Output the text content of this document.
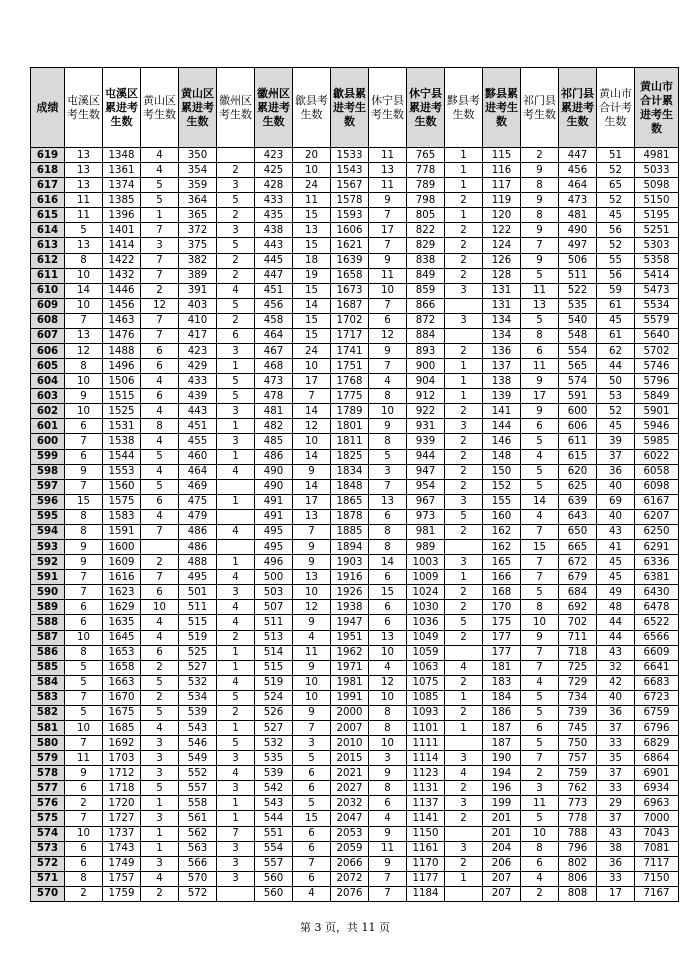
成绩	屯溪区考生数	屯溪区累进考生数	黄山区考生数	黄山区累进考生数	徽州区考生数	徽州区累进考生数	歙县考生数	歙县累进考生数	休宁县考生数	休宁县累进考生数	黟县考生数	黟县累进考生数	祁门县考生数	祁门县累进考生数	黄山市合计考生数	黄山市合计累进考生数
619	13	1348	4	350		423	20	1533	11	765	1	115	2	447	51	4981
618	13	1361	4	354	2	425	10	1543	13	778	1	116	9	456	52	5033
617	13	1374	5	359	3	428	24	1567	11	789	1	117	8	464	65	5098
616	11	1385	5	364	5	433	11	1578	9	798	2	119	9	473	52	5150
615	11	1396	1	365	2	435	15	1593	7	805	1	120	8	481	45	5195
614	5	1401	7	372	3	438	13	1606	17	822	2	122	9	490	56	5251
613	13	1414	3	375	5	443	15	1621	7	829	2	124	7	497	52	5303
612	8	1422	7	382	2	445	18	1639	9	838	2	126	9	506	55	5358
611	10	1432	7	389	2	447	19	1658	11	849	2	128	5	511	56	5414
610	14	1446	2	391	4	451	15	1673	10	859	3	131	11	522	59	5473
609	10	1456	12	403	5	456	14	1687	7	866		131	13	535	61	5534
608	7	1463	7	410	2	458	15	1702	6	872	3	134	5	540	45	5579
607	13	1476	7	417	6	464	15	1717	12	884		134	8	548	61	5640
606	12	1488	6	423	3	467	24	1741	9	893	2	136	6	554	62	5702
605	8	1496	6	429	1	468	10	1751	7	900	1	137	11	565	44	5746
604	10	1506	4	433	5	473	17	1768	4	904	1	138	9	574	50	5796
603	9	1515	6	439	5	478	7	1775	8	912	1	139	17	591	53	5849
602	10	1525	4	443	3	481	14	1789	10	922	2	141	9	600	52	5901
601	6	1531	8	451	1	482	12	1801	9	931	3	144	6	606	45	5946
600	7	1538	4	455	3	485	10	1811	8	939	2	146	5	611	39	5985
599	6	1544	5	460	1	486	14	1825	5	944	2	148	4	615	37	6022
598	9	1553	4	464	4	490	9	1834	3	947	2	150	5	620	36	6058
597	7	1560	5	469		490	14	1848	7	954	2	152	5	625	40	6098
596	15	1575	6	475	1	491	17	1865	13	967	3	155	14	639	69	6167
595	8	1583	4	479		491	13	1878	6	973	5	160	4	643	40	6207
594	8	1591	7	486	4	495	7	1885	8	981	2	162	7	650	43	6250
593	9	1600		486		495	9	1894	8	989		162	15	665	41	6291
592	9	1609	2	488	1	496	9	1903	14	1003	3	165	7	672	45	6336
591	7	1616	7	495	4	500	13	1916	6	1009	1	166	7	679	45	6381
590	7	1623	6	501	3	503	10	1926	15	1024	2	168	5	684	49	6430
589	6	1629	10	511	4	507	12	1938	6	1030	2	170	8	692	48	6478
588	6	1635	4	515	4	511	9	1947	6	1036	5	175	10	702	44	6522
587	10	1645	4	519	2	513	4	1951	13	1049	2	177	9	711	44	6566
586	8	1653	6	525	1	514	11	1962	10	1059		177	7	718	43	6609
585	5	1658	2	527	1	515	9	1971	4	1063	4	181	7	725	32	6641
584	5	1663	5	532	4	519	10	1981	12	1075	2	183	4	729	42	6683
583	7	1670	2	534	5	524	10	1991	10	1085	1	184	5	734	40	6723
582	5	1675	5	539	2	526	9	2000	8	1093	2	186	5	739	36	6759
581	10	1685	4	543	1	527	7	2007	8	1101	1	187	6	745	37	6796
580	7	1692	3	546	5	532	3	2010	10	1111		187	5	750	33	6829
579	11	1703	3	549	3	535	5	2015	3	1114	3	190	7	757	35	6864
578	9	1712	3	552	4	539	6	2021	9	1123	4	194	2	759	37	6901
577	6	1718	5	557	3	542	6	2027	8	1131	2	196	3	762	33	6934
576	2	1720	1	558	1	543	5	2032	6	1137	3	199	11	773	29	6963
575	7	1727	3	561	1	544	15	2047	4	1141	2	201	5	778	37	7000
574	10	1737	1	562	7	551	6	2053	9	1150		201	10	788	43	7043
573	6	1743	1	563	3	554	6	2059	11	1161	3	204	8	796	38	7081
572	6	1749	3	566	3	557	7	2066	9	1170	2	206	6	802	36	7117
571	8	1757	4	570	3	560	6	2072	7	1177	1	207	4	806	33	7150
570	2	1759	2	572		560	4	2076	7	1184		207	2	808	17	7167
第 3 页，共 11 页
